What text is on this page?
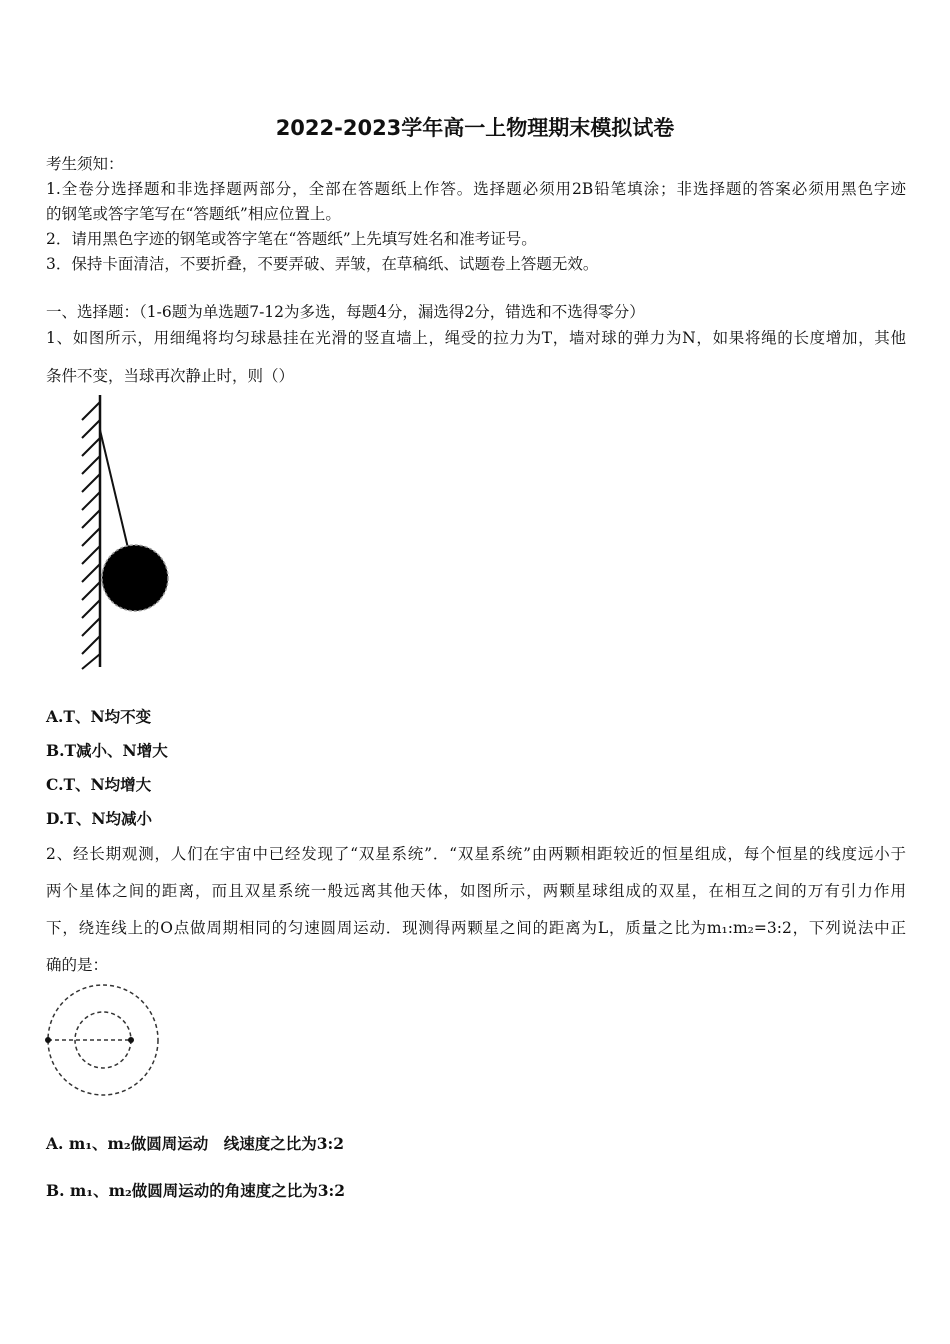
2022-2023学年高一上物理期末模拟试卷
考生须知：
1.全卷分选择题和非选择题两部分，全部在答题纸上作答。选择题必须用2B铅笔填涂；非选择题的答案必须用黑色字迹
的钢笔或答字笔写在“答题纸”相应位置上。
2．请用黑色字迹的钢笔或答字笔在“答题纸”上先填写姓名和准考证号。
3．保持卡面清洁，不要折叠，不要弄破、弄皱，在草稿纸、试题卷上答题无效。
一、选择题：（1-6题为单选题7-12为多选，每题4分，漏选得2分，错选和不选得零分）
1、如图所示，用细绳将均匀球悬挂在光滑的竖直墙上，绳受的拉力为T，墙对球的弹力为N，如果将绳的长度增加，其他
条件不变，当球再次静止时，则（）
A.T、N均不变
B.T减小、N增大
C.T、N均增大
D.T、N均减小
2、经长期观测，人们在宇宙中已经发现了“双星系统”．“双星系统”由两颗相距较近的恒星组成，每个恒星的线度远小于
两个星体之间的距离，而且双星系统一般远离其他天体，如图所示，两颗星球组成的双星，在相互之间的万有引力作用
下，绕连线上的O点做周期相同的匀速圆周运动．现测得两颗星之间的距离为L，质量之比为m₁:m₂=3:2，下列说法中正
确的是：
A. m₁、m₂做圆周运动　线速度之比为3:2
B. m₁、m₂做圆周运动的角速度之比为3:2
